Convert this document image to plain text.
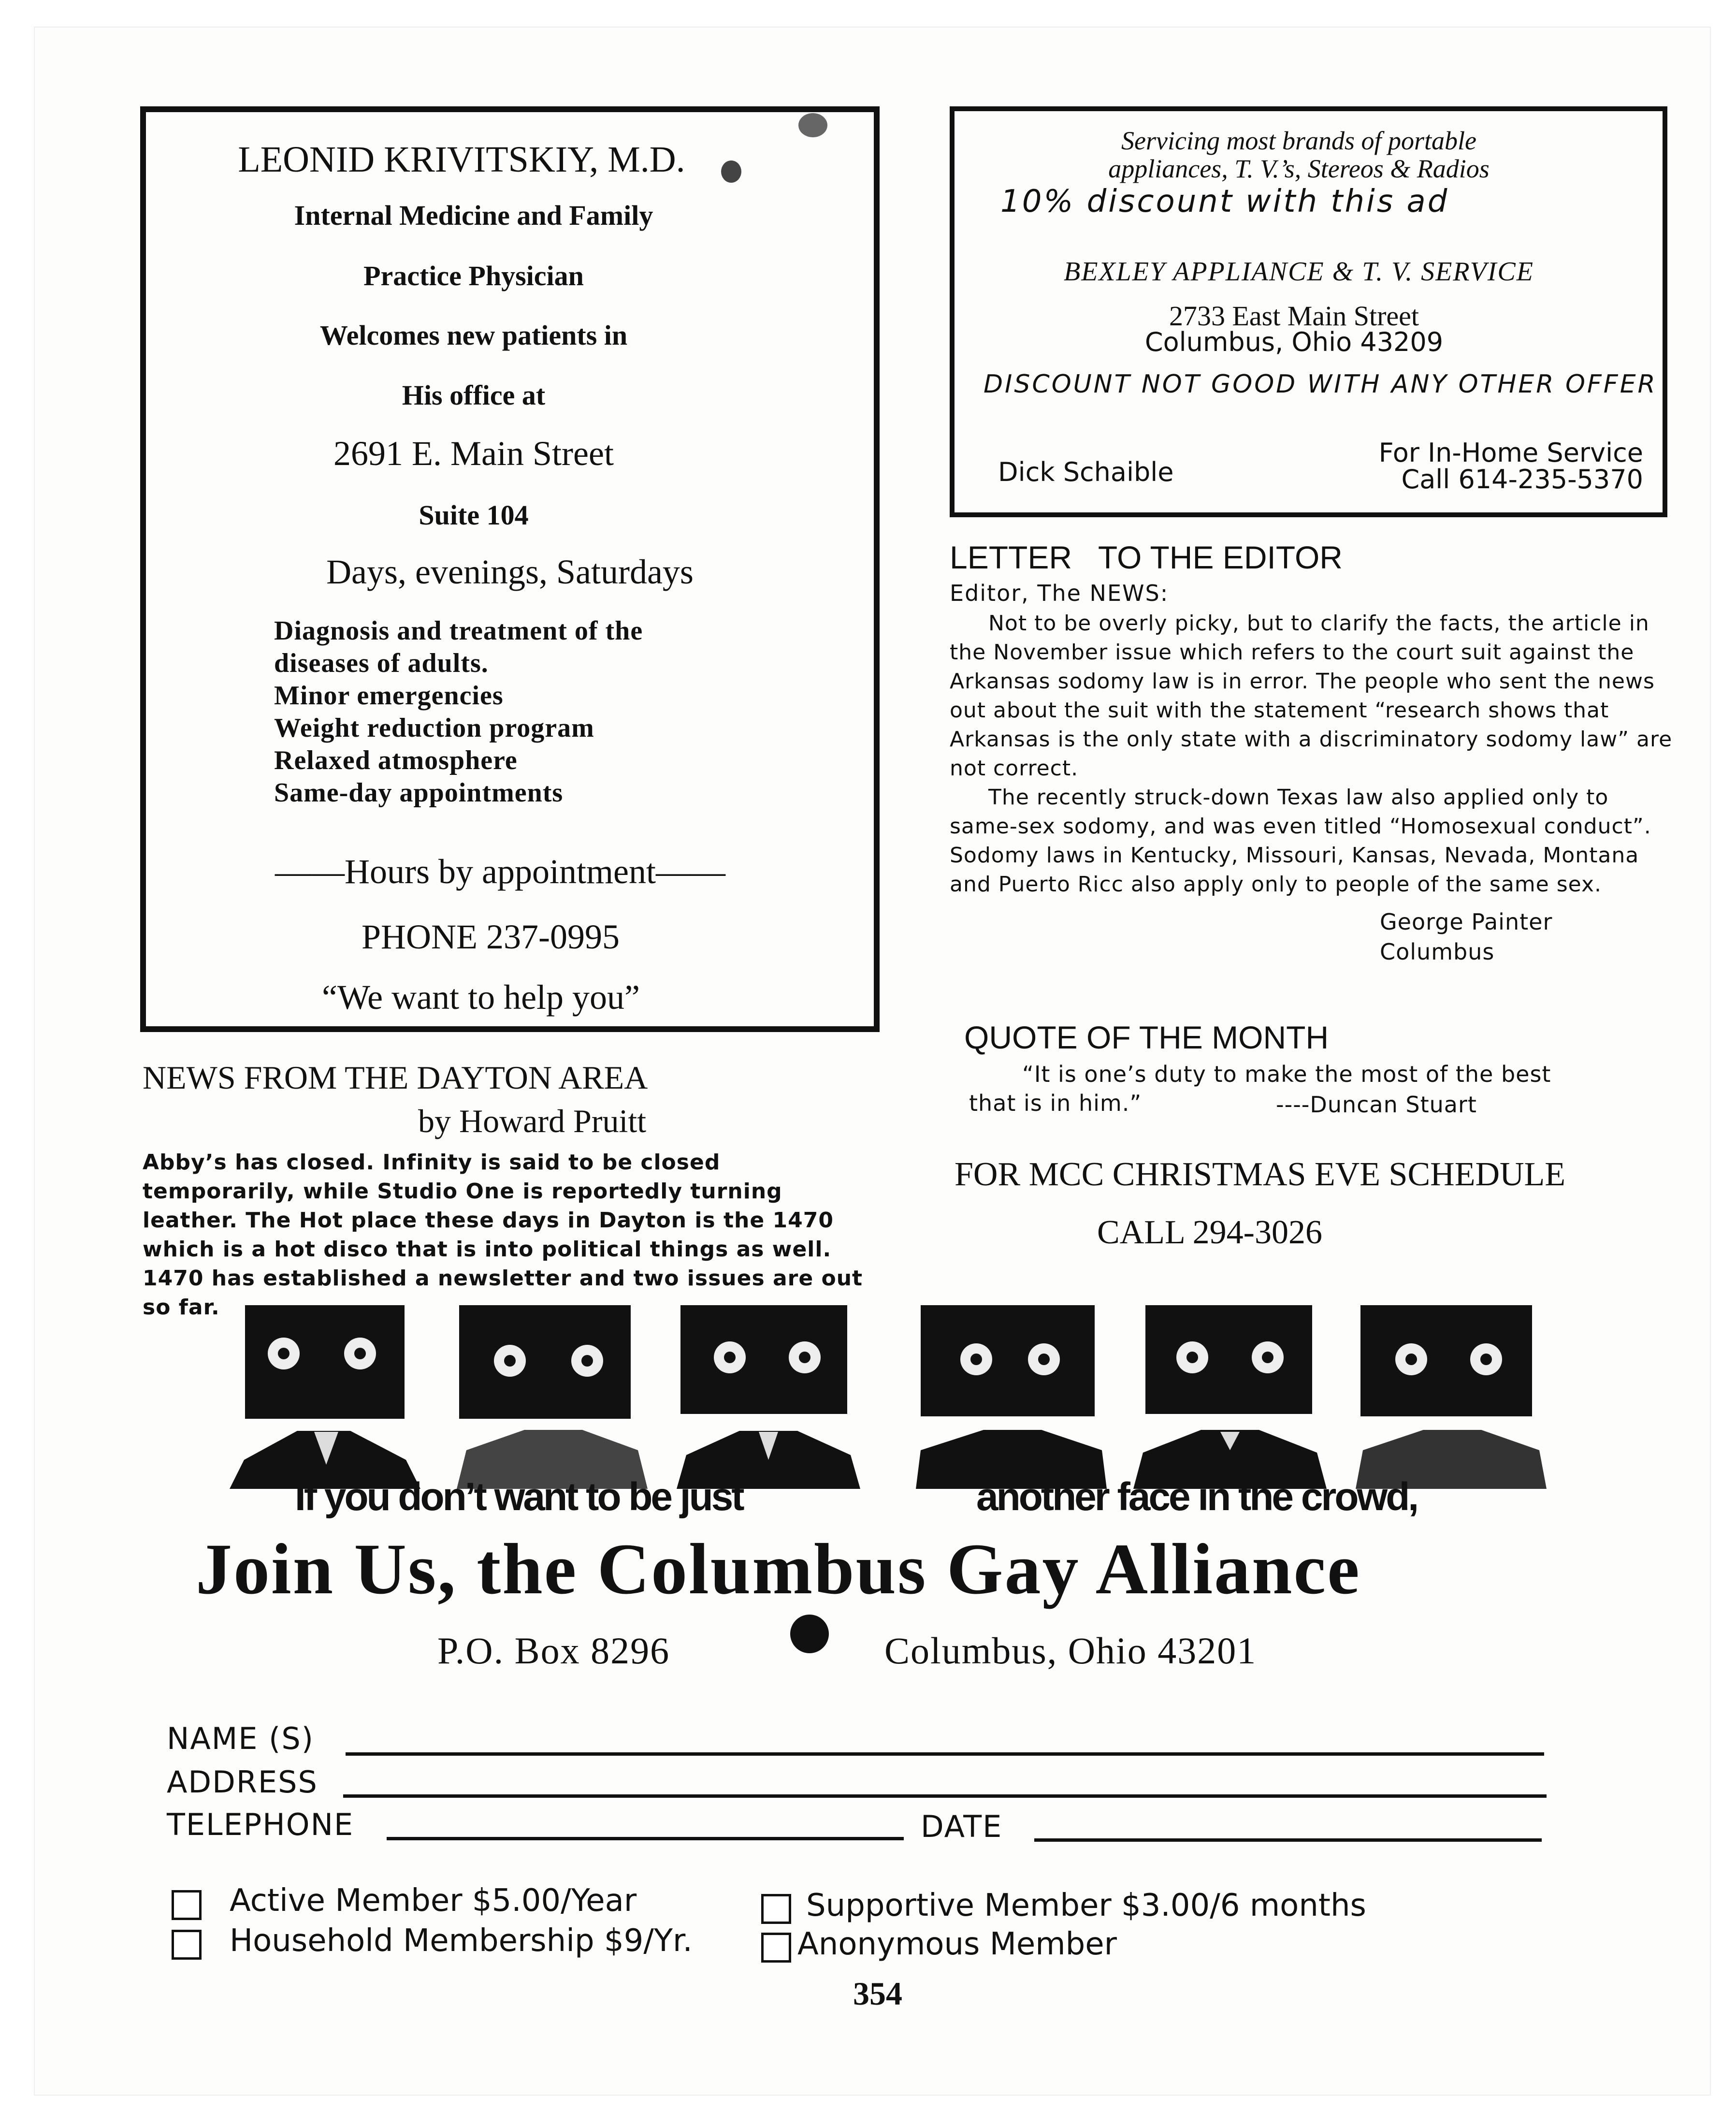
LEONID KRIVITSKIY, M.D.
Internal Medicine and Family
Practice Physician
Welcomes new patients in
His office at
2691 E. Main Street
Suite 104
Days, evenings, Saturdays
Diagnosis and treatment of the
diseases of adults.
Minor emergencies
Weight reduction program
Relaxed atmosphere
Same-day appointments
——Hours by appointment——
PHONE 237-0995
“We want to help you”
Servicing most brands of portable
appliances, T. V.’s, Stereos & Radios
10% discount with this ad
BEXLEY APPLIANCE & T. V. SERVICE
2733 East Main Street
Columbus, Ohio 43209
DISCOUNT NOT GOOD WITH ANY OTHER OFFER
Dick Schaible
For In-Home Service
Call 614-235-5370
LETTER   TO THE EDITOR
Editor, The NEWS:

Not to be overly picky, but to clarify the facts, the article in the November issue which refers to the court suit against the Arkansas sodomy law is in error. The people who sent the news out about the suit with the statement “research shows that Arkansas is the only state with a discriminatory sodomy law” are not correct.

The recently struck-down Texas law also applied only to same-sex sodomy, and was even titled “Homosexual conduct”. Sodomy laws in Kentucky, Missouri, Kansas, Nevada, Montana and Puerto Ricc also apply only to people of the same sex.

George Painter
Columbus
QUOTE OF THE MONTH
“It is one’s duty to make the most of the best
that is in him.”	----Duncan Stuart
FOR MCC CHRISTMAS EVE SCHEDULE
CALL 294-3026
NEWS FROM THE DAYTON AREA
by Howard Pruitt
Abby’s has closed. Infinity is said to be closed temporarily, while Studio One is reportedly turning leather. The Hot place these days in Dayton is the 1470 which is a hot disco that is into political things as well. 1470 has established a newsletter and two issues are out so far.
If you don’t want to be just	another face in the crowd,
Join Us, the Columbus Gay Alliance
P.O. Box 8296	Columbus, Ohio 43201
NAME (S)
ADDRESS
TELEPHONE	DATE
Active Member $5.00/Year
Household Membership $9/Yr.
Supportive Member $3.00/6 months
Anonymous Member
354
